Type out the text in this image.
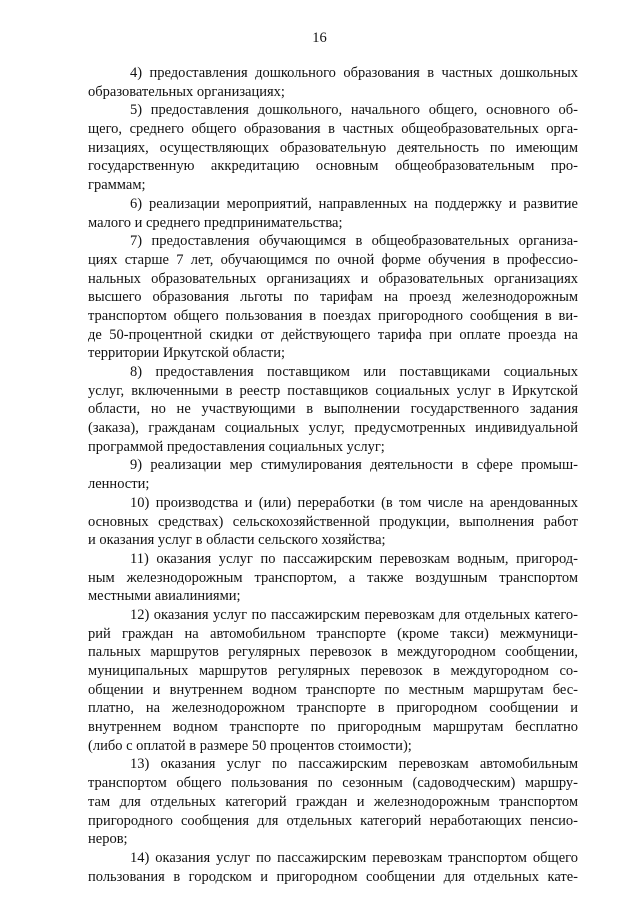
16
4) предоставления дошкольного образования в частных дошкольных
образовательных организациях;
5) предоставления дошкольного, начального общего, основного об-
щего, среднего общего образования в частных общеобразовательных орга-
низациях, осуществляющих образовательную деятельность по имеющим
государственную аккредитацию основным общеобразовательным про-
граммам;
6) реализации мероприятий, направленных на поддержку и развитие
малого и среднего предпринимательства;
7) предоставления обучающимся в общеобразовательных организа-
циях старше 7 лет, обучающимся по очной форме обучения в профессио-
нальных образовательных организациях и образовательных организациях
высшего образования льготы по тарифам на проезд железнодорожным
транспортом общего пользования в поездах пригородного сообщения в ви-
де 50-процентной скидки от действующего тарифа при оплате проезда на
территории Иркутской области;
8) предоставления поставщиком или поставщиками социальных
услуг, включенными в реестр поставщиков социальных услуг в Иркутской
области, но не участвующими в выполнении государственного задания
(заказа), гражданам социальных услуг, предусмотренных индивидуальной
программой предоставления социальных услуг;
9) реализации мер стимулирования деятельности в сфере промыш-
ленности;
10) производства и (или) переработки (в том числе на арендованных
основных средствах) сельскохозяйственной продукции, выполнения работ
и оказания услуг в области сельского хозяйства;
11) оказания услуг по пассажирским перевозкам водным, пригород-
ным железнодорожным транспортом, а также воздушным транспортом
местными авиалиниями;
12) оказания услуг по пассажирским перевозкам для отдельных катего-
рий граждан на автомобильном транспорте (кроме такси) межмуници-
пальных маршрутов регулярных перевозок в междугородном сообщении,
муниципальных маршрутов регулярных перевозок в междугородном со-
общении и внутреннем водном транспорте по местным маршрутам бес-
платно, на железнодорожном транспорте в пригородном сообщении и
внутреннем водном транспорте по пригородным маршрутам бесплатно
(либо с оплатой в размере 50 процентов стоимости);
13) оказания услуг по пассажирским перевозкам автомобильным
транспортом общего пользования по сезонным (садоводческим) маршру-
там для отдельных категорий граждан и железнодорожным транспортом
пригородного сообщения для отдельных категорий неработающих пенсио-
неров;
14) оказания услуг по пассажирским перевозкам транспортом общего
пользования в городском и пригородном сообщении для отдельных кате-
